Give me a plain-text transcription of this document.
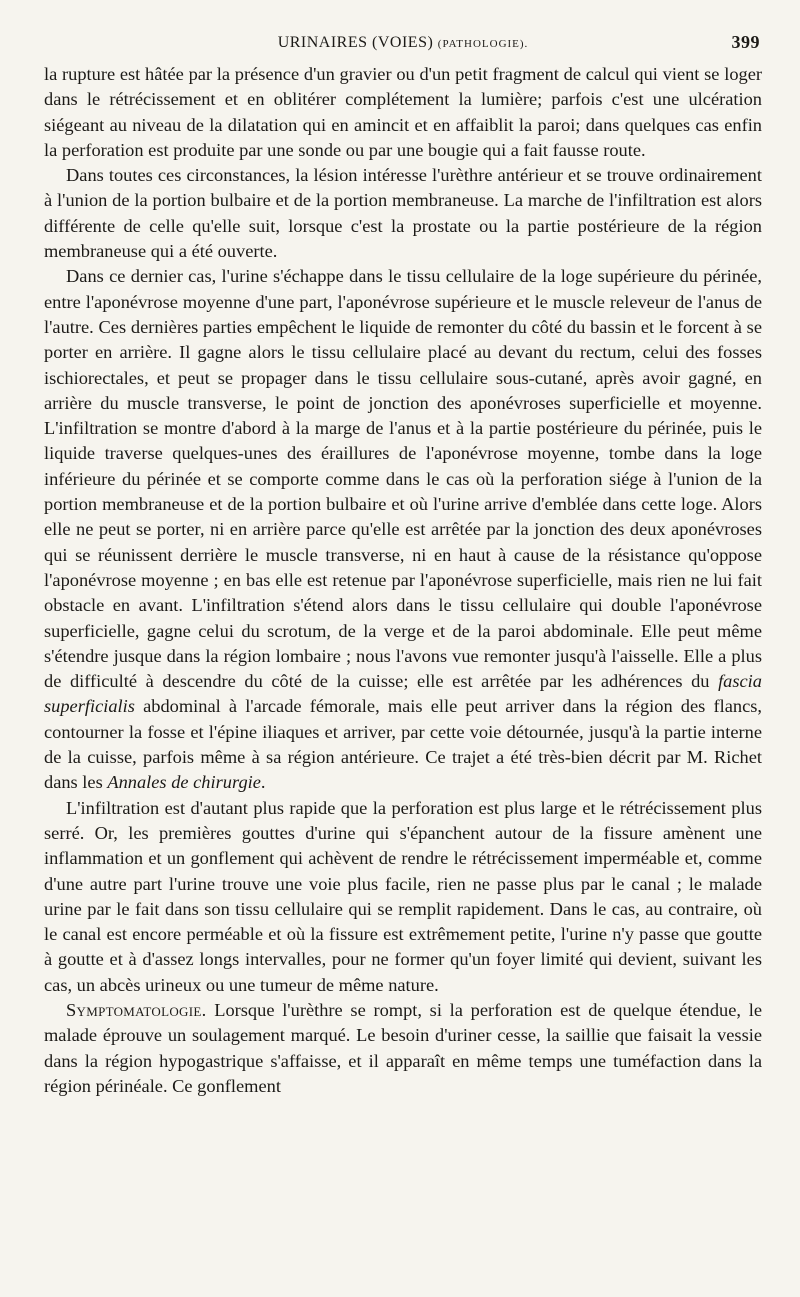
URINAIRES (VOIES) (PATHOLOGIE).	399

la rupture est hâtée par la présence d'un gravier ou d'un petit fragment de calcul qui vient se loger dans le rétrécissement et en oblitérer complétement la lumière; parfois c'est une ulcération siégeant au niveau de la dilatation qui en amincit et en affaiblit la paroi; dans quelques cas enfin la perforation est produite par une sonde ou par une bougie qui a fait fausse route.

Dans toutes ces circonstances, la lésion intéresse l'urèthre antérieur et se trouve ordinairement à l'union de la portion bulbaire et de la portion membraneuse. La marche de l'infiltration est alors différente de celle qu'elle suit, lorsque c'est la prostate ou la partie postérieure de la région membraneuse qui a été ouverte.

Dans ce dernier cas, l'urine s'échappe dans le tissu cellulaire de la loge supérieure du périnée, entre l'aponévrose moyenne d'une part, l'aponévrose supérieure et le muscle releveur de l'anus de l'autre. Ces dernières parties empêchent le liquide de remonter du côté du bassin et le forcent à se porter en arrière. Il gagne alors le tissu cellulaire placé au devant du rectum, celui des fosses ischiorectales, et peut se propager dans le tissu cellulaire sous-cutané, après avoir gagné, en arrière du muscle transverse, le point de jonction des aponévroses superficielle et moyenne. L'infiltration se montre d'abord à la marge de l'anus et à la partie postérieure du périnée, puis le liquide traverse quelques-unes des éraillures de l'aponévrose moyenne, tombe dans la loge inférieure du périnée et se comporte comme dans le cas où la perforation siége à l'union de la portion membraneuse et de la portion bulbaire et où l'urine arrive d'emblée dans cette loge. Alors elle ne peut se porter, ni en arrière parce qu'elle est arrêtée par la jonction des deux aponévroses qui se réunissent derrière le muscle transverse, ni en haut à cause de la résistance qu'oppose l'aponévrose moyenne ; en bas elle est retenue par l'aponévrose superficielle, mais rien ne lui fait obstacle en avant. L'infiltration s'étend alors dans le tissu cellulaire qui double l'aponévrose superficielle, gagne celui du scrotum, de la verge et de la paroi abdominale. Elle peut même s'étendre jusque dans la région lombaire ; nous l'avons vue remonter jusqu'à l'aisselle. Elle a plus de difficulté à descendre du côté de la cuisse; elle est arrêtée par les adhérences du fascia superficialis abdominal à l'arcade fémorale, mais elle peut arriver dans la région des flancs, contourner la fosse et l'épine iliaques et arriver, par cette voie détournée, jusqu'à la partie interne de la cuisse, parfois même à sa région antérieure. Ce trajet a été très-bien décrit par M. Richet dans les Annales de chirurgie.

L'infiltration est d'autant plus rapide que la perforation est plus large et le rétrécissement plus serré. Or, les premières gouttes d'urine qui s'épanchent autour de la fissure amènent une inflammation et un gonflement qui achèvent de rendre le rétrécissement imperméable et, comme d'une autre part l'urine trouve une voie plus facile, rien ne passe plus par le canal ; le malade urine par le fait dans son tissu cellulaire qui se remplit rapidement. Dans le cas, au contraire, où le canal est encore perméable et où la fissure est extrêmement petite, l'urine n'y passe que goutte à goutte et à d'assez longs intervalles, pour ne former qu'un foyer limité qui devient, suivant les cas, un abcès urineux ou une tumeur de même nature.

Symptomatologie. Lorsque l'urèthre se rompt, si la perforation est de quelque étendue, le malade éprouve un soulagement marqué. Le besoin d'uriner cesse, la saillie que faisait la vessie dans la région hypogastrique s'affaisse, et il apparaît en même temps une tuméfaction dans la région périnéale. Ce gonflement
